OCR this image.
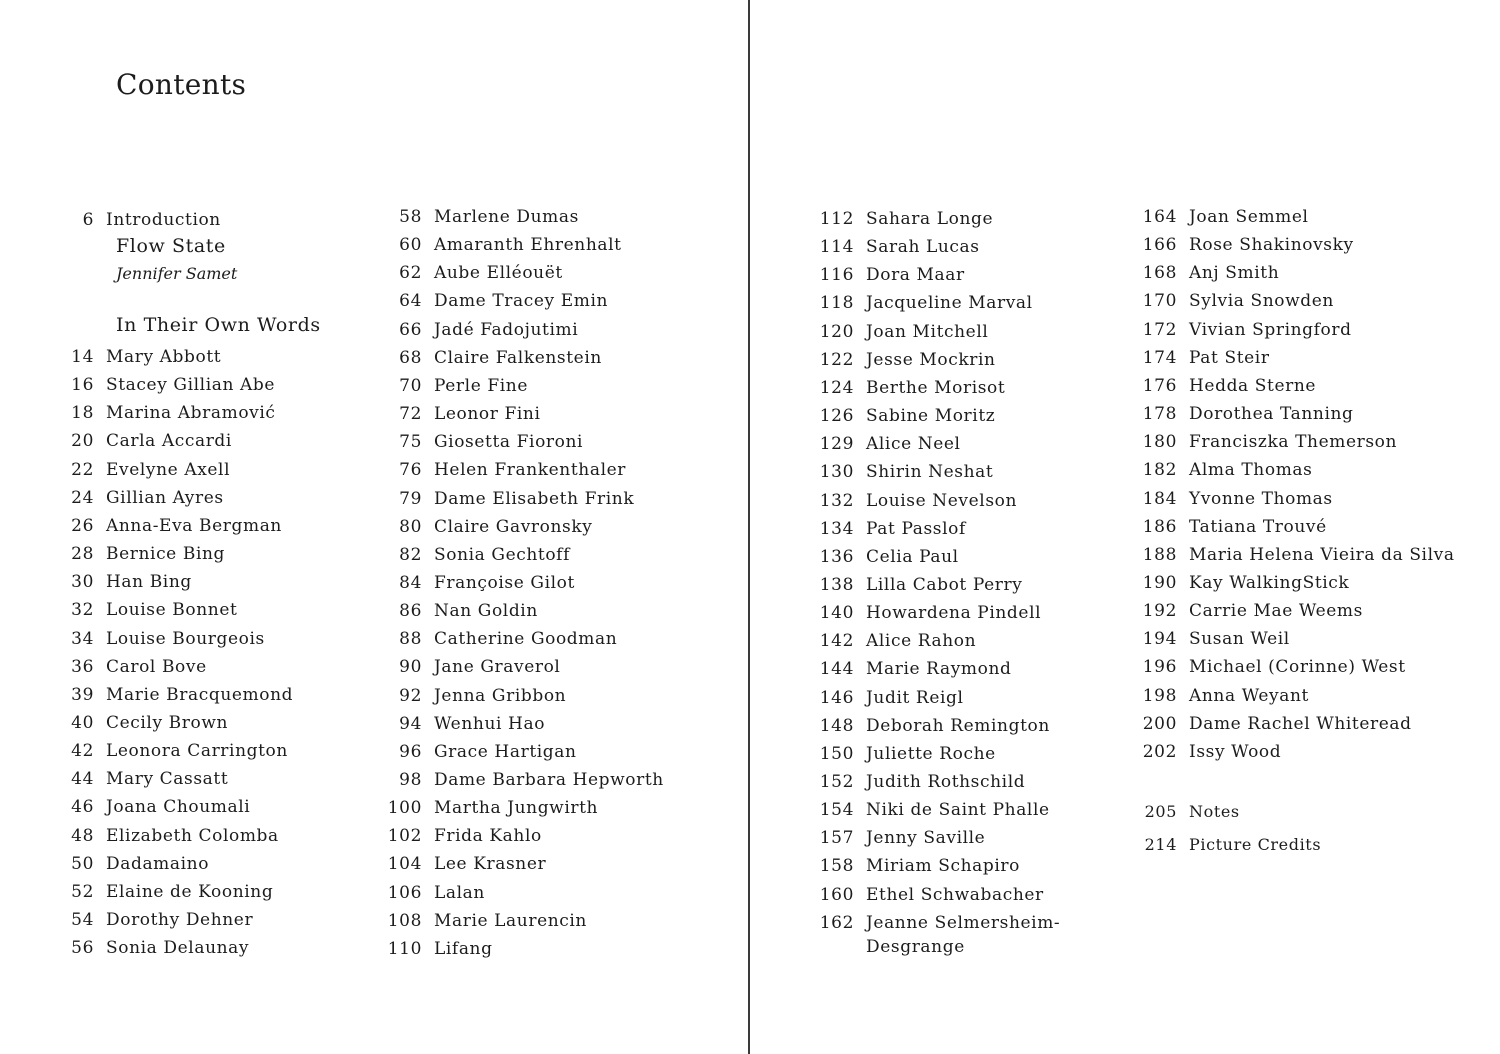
Contents
6 Introduction
Flow State
Jennifer Samet
In Their Own Words
14 Mary Abbott
16 Stacey Gillian Abe
18 Marina Abramović
20 Carla Accardi
22 Evelyne Axell
24 Gillian Ayres
26 Anna-Eva Bergman
28 Bernice Bing
30 Han Bing
32 Louise Bonnet
34 Louise Bourgeois
36 Carol Bove
39 Marie Bracquemond
40 Cecily Brown
42 Leonora Carrington
44 Mary Cassatt
46 Joana Choumali
48 Elizabeth Colomba
50 Dadamaino
52 Elaine de Kooning
54 Dorothy Dehner
56 Sonia Delaunay
58 Marlene Dumas
60 Amaranth Ehrenhalt
62 Aube Elléouët
64 Dame Tracey Emin
66 Jadé Fadojutimi
68 Claire Falkenstein
70 Perle Fine
72 Leonor Fini
75 Giosetta Fioroni
76 Helen Frankenthaler
79 Dame Elisabeth Frink
80 Claire Gavronsky
82 Sonia Gechtoff
84 Françoise Gilot
86 Nan Goldin
88 Catherine Goodman
90 Jane Graverol
92 Jenna Gribbon
94 Wenhui Hao
96 Grace Hartigan
98 Dame Barbara Hepworth
100 Martha Jungwirth
102 Frida Kahlo
104 Lee Krasner
106 Lalan
108 Marie Laurencin
110 Lifang
112 Sahara Longe
114 Sarah Lucas
116 Dora Maar
118 Jacqueline Marval
120 Joan Mitchell
122 Jesse Mockrin
124 Berthe Morisot
126 Sabine Moritz
129 Alice Neel
130 Shirin Neshat
132 Louise Nevelson
134 Pat Passlof
136 Celia Paul
138 Lilla Cabot Perry
140 Howardena Pindell
142 Alice Rahon
144 Marie Raymond
146 Judit Reigl
148 Deborah Remington
150 Juliette Roche
152 Judith Rothschild
154 Niki de Saint Phalle
157 Jenny Saville
158 Miriam Schapiro
160 Ethel Schwabacher
162 Jeanne Selmersheim-
Desgrange
164 Joan Semmel
166 Rose Shakinovsky
168 Anj Smith
170 Sylvia Snowden
172 Vivian Springford
174 Pat Steir
176 Hedda Sterne
178 Dorothea Tanning
180 Franciszka Themerson
182 Alma Thomas
184 Yvonne Thomas
186 Tatiana Trouvé
188 Maria Helena Vieira da Silva
190 Kay WalkingStick
192 Carrie Mae Weems
194 Susan Weil
196 Michael (Corinne) West
198 Anna Weyant
200 Dame Rachel Whiteread
202 Issy Wood
205 Notes
214 Picture Credits
